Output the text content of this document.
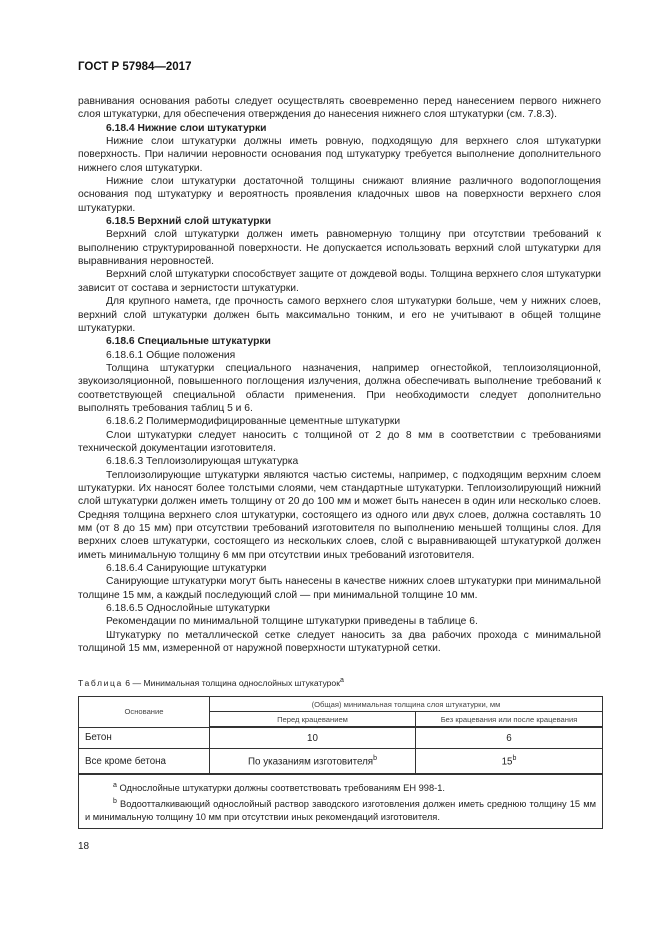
ГОСТ Р 57984—2017

равнивания основания работы следует осуществлять своевременно перед нанесением первого нижнего слоя штукатурки, для обеспечения отверждения до нанесения нижнего слоя штукатурки (см. 7.8.3).

6.18.4 Нижние слои штукатурки

Нижние слои штукатурки должны иметь ровную, подходящую для верхнего слоя штукатурки поверхность. При наличии неровности основания под штукатурку требуется выполнение дополнительного нижнего слоя штукатурки.

Нижние слои штукатурки достаточной толщины снижают влияние различного водопоглощения основания под штукатурку и вероятность проявления кладочных швов на поверхности верхнего слоя штукатурки.

6.18.5 Верхний слой штукатурки

Верхний слой штукатурки должен иметь равномерную толщину при отсутствии требований к выполнению структурированной поверхности. Не допускается использовать верхний слой штукатурки для выравнивания неровностей.

Верхний слой штукатурки способствует защите от дождевой воды. Толщина верхнего слоя штукатурки зависит от состава и зернистости штукатурки.

Для крупного намета, где прочность самого верхнего слоя штукатурки больше, чем у нижних слоев, верхний слой штукатурки должен быть максимально тонким, и его не учитывают в общей толщине штукатурки.

6.18.6 Специальные штукатурки

6.18.6.1 Общие положения

Толщина штукатурки специального назначения, например огнестойкой, теплоизоляционной, звукоизоляционной, повышенного поглощения излучения, должна обеспечивать выполнение требований к соответствующей специальной области применения. При необходимости следует дополнительно выполнять требования таблиц 5 и 6.

6.18.6.2 Полимермодифицированные цементные штукатурки

Слои штукатурки следует наносить с толщиной от 2 до 8 мм в соответствии с требованиями технической документации изготовителя.

6.18.6.3 Теплоизолирующая штукатурка

Теплоизолирующие штукатурки являются частью системы, например, с подходящим верхним слоем штукатурки. Их наносят более толстыми слоями, чем стандартные штукатурки. Теплоизолирующий нижний слой штукатурки должен иметь толщину от 20 до 100 мм и может быть нанесен в один или несколько слоев. Средняя толщина верхнего слоя штукатурки, состоящего из одного или двух слоев, должна составлять 10 мм (от 8 до 15 мм) при отсутствии требований изготовителя по выполнению меньшей толщины слоя. Для верхних слоев штукатурки, состоящего из нескольких слоев, слой с выравнивающей штукатуркой должен иметь минимальную толщину 6 мм при отсутствии иных требований изготовителя.

6.18.6.4 Санирующие штукатурки

Санирующие штукатурки могут быть нанесены в качестве нижних слоев штукатурки при минимальной толщине 15 мм, а каждый последующий слой — при минимальной толщине 10 мм.

6.18.6.5 Однослойные штукатурки

Рекомендации по минимальной толщине штукатурки приведены в таблице 6.

Штукатурку по металлической сетке следует наносить за два рабочих прохода с минимальной толщиной 15 мм, измеренной от наружной поверхности штукатурной сетки.

Таблица 6 — Минимальная толщина однослойных штукатурок$^a$
Основание	(Общая) минимальная толщина слоя штукатурки, мм	
	Перед крацеванием	Без крацевания или после крацевания
Бетон	10	6
Все кроме бетона	По указаниям изготовителя$^b$	15$^b$

$^a$ Однослойные штукатурки должны соответствовать требованиям ЕН 998-1.
$^b$ Водоотталкивающий однослойный раствор заводского изготовления должен иметь среднюю толщину 15 мм и минимальную толщину 10 мм при отсутствии иных рекомендаций изготовителя.		
18
